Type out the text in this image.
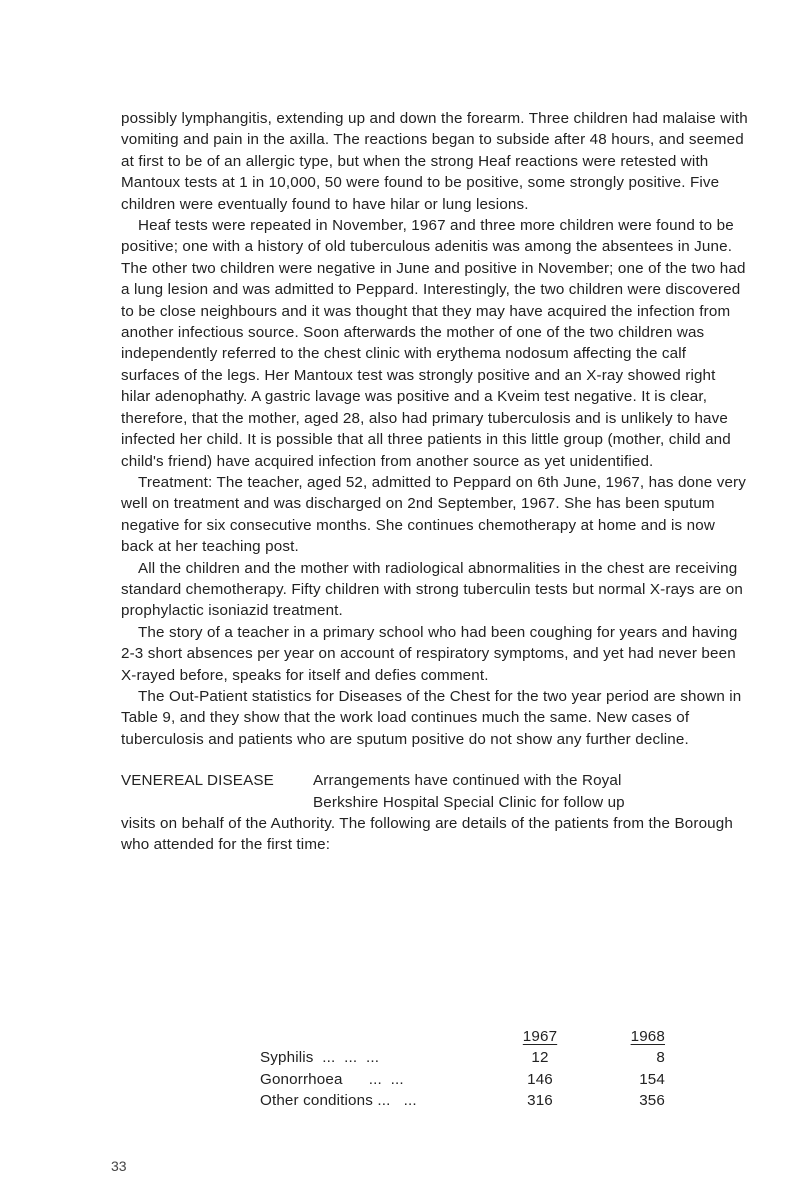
possibly lymphangitis, extending up and down the forearm. Three children had malaise with vomiting and pain in the axilla. The reactions began to subside after 48 hours, and seemed at first to be of an allergic type, but when the strong Heaf reactions were retested with Mantoux tests at 1 in 10,000, 50 were found to be positive, some strongly positive. Five children were eventually found to have hilar or lung lesions.

Heaf tests were repeated in November, 1967 and three more children were found to be positive; one with a history of old tuberculous adenitis was among the absentees in June. The other two children were negative in June and positive in November; one of the two had a lung lesion and was admitted to Peppard. Interestingly, the two children were discovered to be close neighbours and it was thought that they may have acquired the infection from another infectious source. Soon afterwards the mother of one of the two children was independently referred to the chest clinic with erythema nodosum affecting the calf surfaces of the legs. Her Mantoux test was strongly positive and an X-ray showed right hilar adenophathy. A gastric lavage was positive and a Kveim test negative. It is clear, therefore, that the mother, aged 28, also had primary tuberculosis and is unlikely to have infected her child. It is possible that all three patients in this little group (mother, child and child's friend) have acquired infection from another source as yet unidentified.

Treatment: The teacher, aged 52, admitted to Peppard on 6th June, 1967, has done very well on treatment and was discharged on 2nd September, 1967. She has been sputum negative for six consecutive months. She continues chemotherapy at home and is now back at her teaching post.

All the children and the mother with radiological abnormalities in the chest are receiving standard chemotherapy. Fifty children with strong tuberculin tests but normal X-rays are on prophylactic isoniazid treatment.

The story of a teacher in a primary school who had been coughing for years and having 2-3 short absences per year on account of respiratory symptoms, and yet had never been X-rayed before, speaks for itself and defies comment.

The Out-Patient statistics for Diseases of the Chest for the two year period are shown in Table 9, and they show that the work load continues much the same. New cases of tuberculosis and patients who are sputum positive do not show any further decline.

VENEREAL DISEASE	Arrangements have continued with the Royal

Berkshire Hospital Special Clinic for follow up

visits on behalf of the Authority. The following are details of the patients from the Borough who attended for the first time:

1967	1968
Syphilis  ...  ...  ...	12	8
Gonorrhoea      ...  ...	146	154
Other conditions ...   ...	316	356
33
